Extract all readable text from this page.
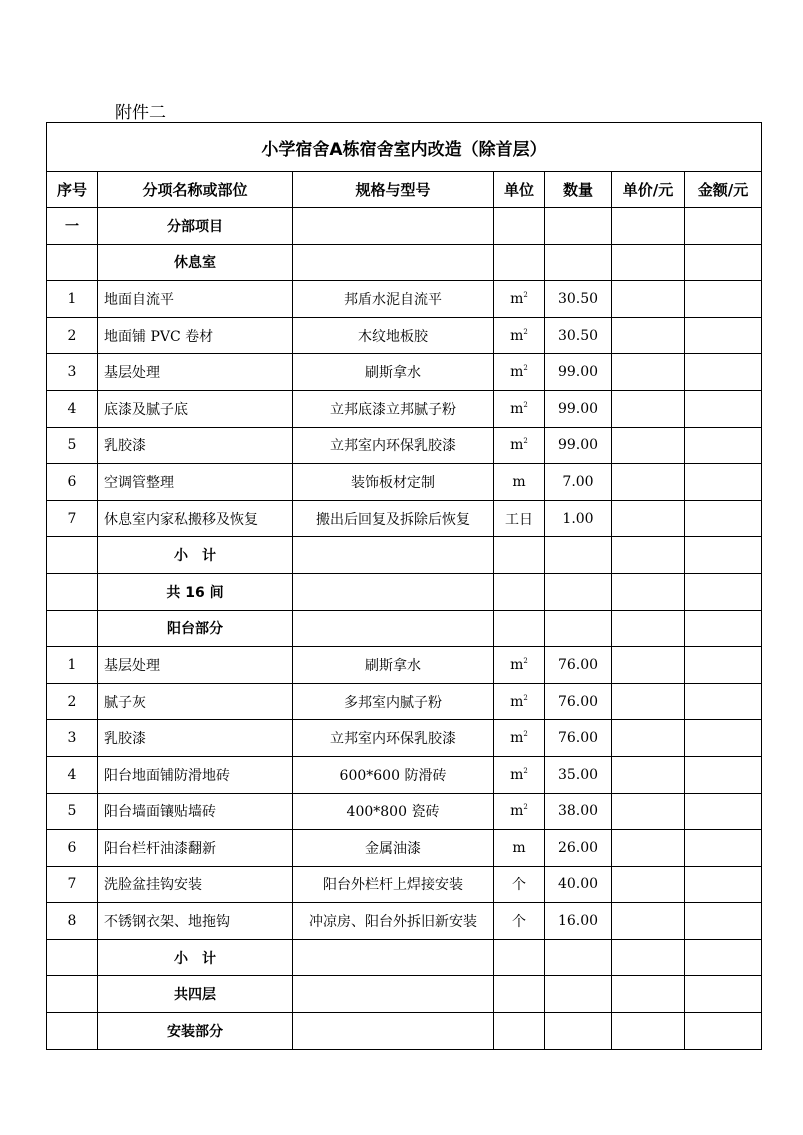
附件二
小学宿舍A栋宿舍室内改造（除首层）						
序号	分项名称或部位	规格与型号	单位	数量	单价/元	金额/元
一	分部项目					
	休息室					
1	地面自流平	邦盾水泥自流平	$m^2$	30.50		
2	地面铺 PVC 卷材	木纹地板胶	$m^2$	30.50		
3	基层处理	刷斯拿水	$m^2$	99.00		
4	底漆及腻子底	立邦底漆立邦腻子粉	$m^2$	99.00		
5	乳胶漆	立邦室内环保乳胶漆	$m^2$	99.00		
6	空调管整理	装饰板材定制	m	7.00		
7	休息室内家私搬移及恢复	搬出后回复及拆除后恢复	工日	1.00		
	小　计					
	共 16 间					
	阳台部分					
1	基层处理	刷斯拿水	$m^2$	76.00		
2	腻子灰	多邦室内腻子粉	$m^2$	76.00		
3	乳胶漆	立邦室内环保乳胶漆	$m^2$	76.00		
4	阳台地面铺防滑地砖	600*600 防滑砖	$m^2$	35.00		
5	阳台墙面镶贴墙砖	400*800 瓷砖	$m^2$	38.00		
6	阳台栏杆油漆翻新	金属油漆	m	26.00		
7	洗脸盆挂钩安装	阳台外栏杆上焊接安装	个	40.00		
8	不锈钢衣架、地拖钩	冲凉房、阳台外拆旧新安装	个	16.00		
	小　计					
	共四层					
	安装部分					
